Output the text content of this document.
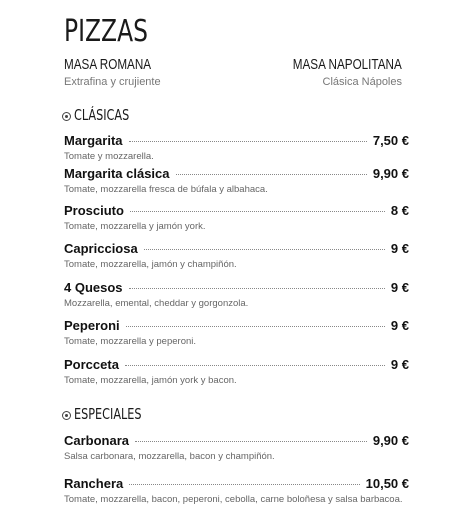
PIZZAS
MASA ROMANA
Extrafina y crujiente
MASA NAPOLITANA
Clásica Nápoles
CLÁSICAS
Margarita	7,50 €
Tomate y mozzarella.
Margarita clásica	9,90 €
Tomate, mozzarella fresca de búfala y albahaca.
Prosciuto	8 €
Tomate, mozzarella y jamón york.
Capricciosa	9 €
Tomate, mozzarella, jamón y champiñón.
4 Quesos	9 €
Mozzarella, emental, cheddar y gorgonzola.
Peperoni	9 €
Tomate, mozzarella y peperoni.
Porcceta	9 €
Tomate, mozzarella, jamón york y bacon.
ESPECIALES
Carbonara	9,90 €
Salsa carbonara, mozzarella, bacon y champiñón.
Ranchera	10,50 €
Tomate, mozzarella, bacon, peperoni, cebolla, carne boloñesa y salsa barbacoa.
